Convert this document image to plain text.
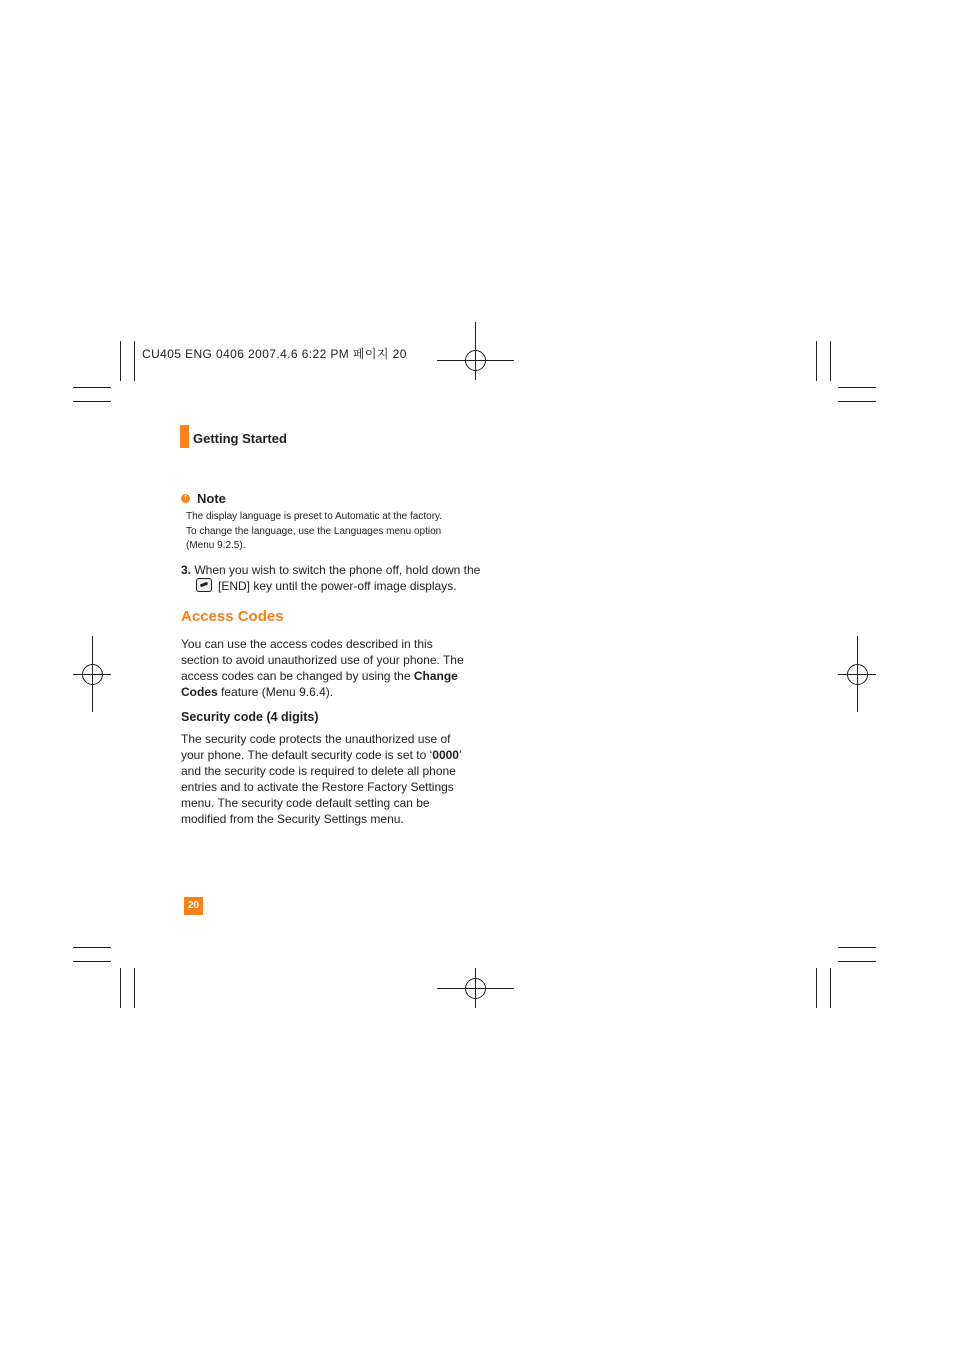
CU405 ENG 0406 2007.4.6 6:22 PM 페이지 20
Getting Started
! Note
The display language is preset to Automatic at the factory.
To change the language, use the Languages menu option
(Menu 9.2.5).
3. When you wish to switch the phone off, hold down the
[END] key until the power-off image displays.
Access Codes
You can use the access codes described in this
section to avoid unauthorized use of your phone. The
access codes can be changed by using the Change
Codes feature (Menu 9.6.4).
Security code (4 digits)
The security code protects the unauthorized use of
your phone. The default security code is set to ‘0000’
and the security code is required to delete all phone
entries and to activate the Restore Factory Settings
menu. The security code default setting can be
modified from the Security Settings menu.
20
